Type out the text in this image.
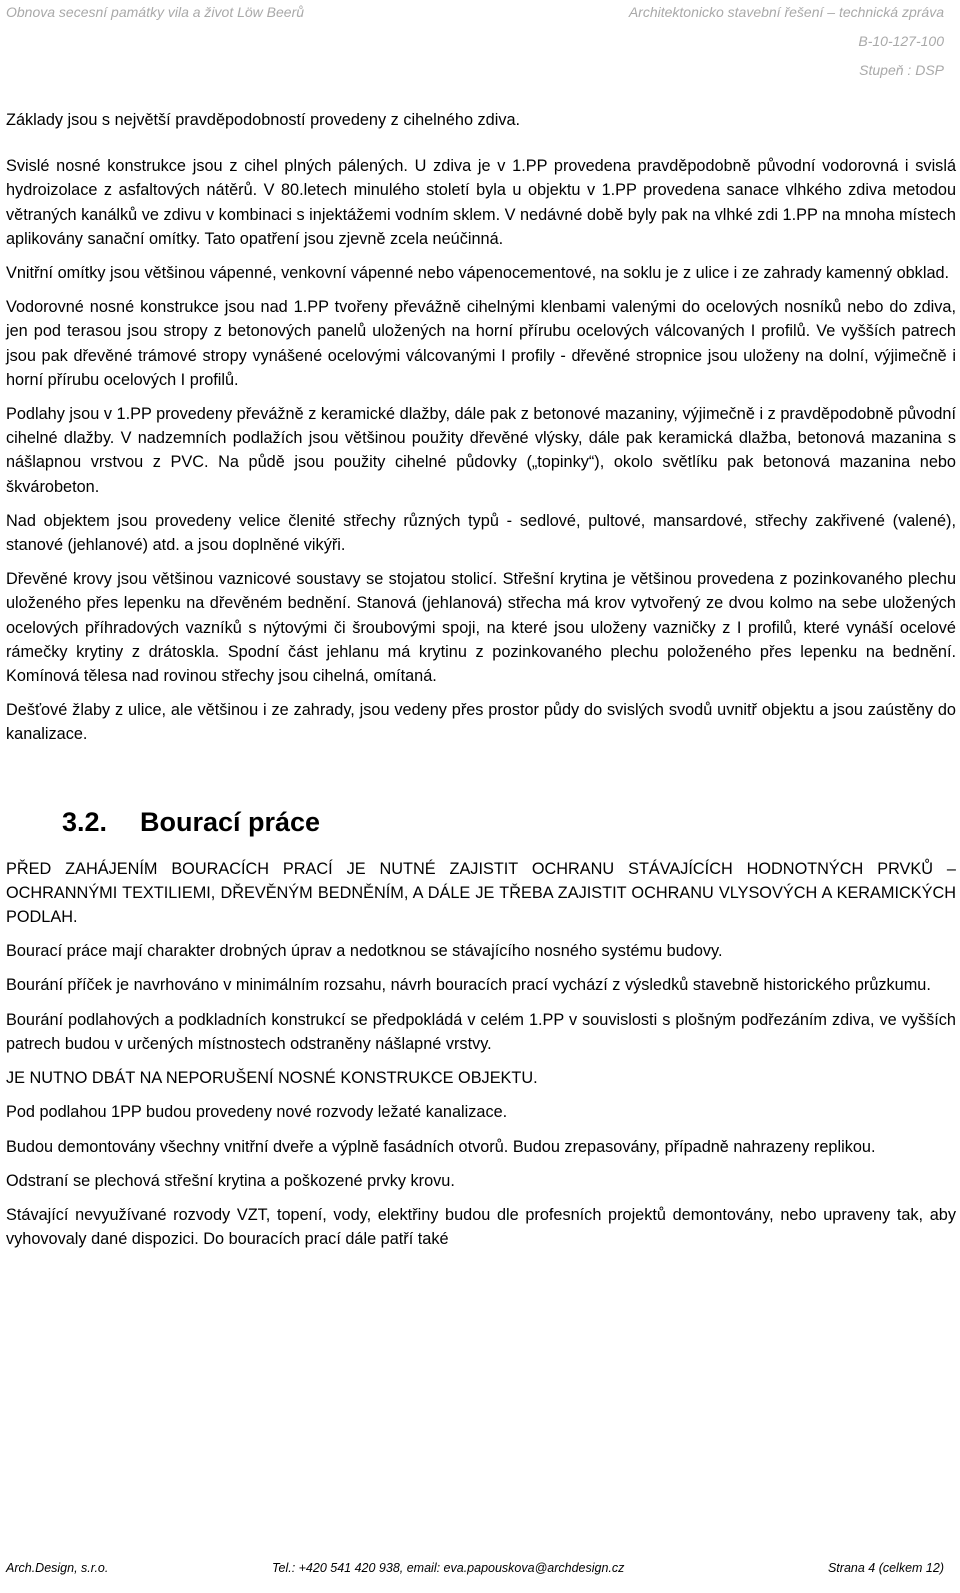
Obnova secesní památky vila a život Löw Beerů	Architektonicko stavební řešení – technická zpráva
B-10-127-100
Stupeň : DSP

Základy jsou s největší pravděpodobností provedeny z cihelného zdiva.

Svislé nosné konstrukce jsou z cihel plných pálených. U zdiva je v 1.PP provedena pravděpodobně původní vodorovná i svislá hydroizolace z asfaltových nátěrů. V 80.letech minulého století byla u objektu v 1.PP provedena sanace vlhkého zdiva metodou větraných kanálků ve zdivu v kombinaci s injektážemi vodním sklem. V nedávné době byly pak na vlhké zdi 1.PP na mnoha místech aplikovány sanační omítky. Tato opatření jsou zjevně zcela neúčinná.

Vnitřní omítky jsou většinou vápenné, venkovní vápenné nebo vápenocementové, na soklu je z ulice i ze zahrady kamenný obklad.

Vodorovné nosné konstrukce jsou nad 1.PP tvořeny převážně cihelnými klenbami valenými do ocelových nosníků nebo do zdiva, jen pod terasou jsou stropy z betonových panelů uložených na horní přírubu ocelových válcovaných I profilů. Ve vyšších patrech jsou pak dřevěné trámové stropy vynášené ocelovými válcovanými I profily - dřevěné stropnice jsou uloženy na dolní, výjimečně i horní přírubu ocelových I profilů.

Podlahy jsou v 1.PP provedeny převážně z keramické dlažby, dále pak z betonové mazaniny, výjimečně i z pravděpodobně původní cihelné dlažby. V nadzemních podlažích jsou většinou použity dřevěné vlýsky, dále pak keramická dlažba, betonová mazanina s nášlapnou vrstvou z PVC. Na půdě jsou použity cihelné půdovky („topinky“), okolo světlíku pak betonová mazanina nebo škvárobeton.

Nad objektem jsou provedeny velice členité střechy různých typů - sedlové, pultové, mansardové, střechy zakřivené (valené), stanové (jehlanové) atd. a jsou doplněné vikýři.

Dřevěné krovy jsou většinou vaznicové soustavy se stojatou stolicí. Střešní krytina je většinou provedena z pozinkovaného plechu uloženého přes lepenku na dřevěném bednění. Stanová (jehlanová) střecha má krov vytvořený ze dvou kolmo na sebe uložených ocelových příhradových vazníků s nýtovými či šroubovými spoji, na které jsou uloženy vazničky z I profilů, které vynáší ocelové rámečky krytiny z drátoskla. Spodní část jehlanu má krytinu z pozinkovaného plechu položeného přes lepenku na bednění. Komínová tělesa nad rovinou střechy jsou cihelná, omítaná.

Dešťové žlaby z ulice, ale většinou i ze zahrady, jsou vedeny přes prostor půdy do svislých svodů uvnitř objektu a jsou zaústěny do kanalizace.

3.2. Bourací práce

PŘED ZAHÁJENÍM BOURACÍCH PRACÍ JE NUTNÉ ZAJISTIT OCHRANU STÁVAJÍCÍCH HODNOTNÝCH PRVKŮ – OCHRANNÝMI TEXTILIEMI, DŘEVĚNÝM BEDNĚNÍM, A DÁLE JE TŘEBA ZAJISTIT OCHRANU VLYSOVÝCH A KERAMICKÝCH PODLAH.

Bourací práce mají charakter drobných úprav a nedotknou se stávajícího nosného systému budovy.

Bourání příček je navrhováno v minimálním rozsahu, návrh bouracích prací vychází z výsledků stavebně historického průzkumu.

Bourání podlahových a podkladních konstrukcí se předpokládá v celém 1.PP v souvislosti s plošným podřezáním zdiva, ve vyšších patrech budou v určených místnostech odstraněny nášlapné vrstvy.

JE NUTNO DBÁT NA NEPORUŠENÍ NOSNÉ KONSTRUKCE OBJEKTU.

Pod podlahou 1PP budou provedeny nové rozvody ležaté kanalizace.

Budou demontovány všechny vnitřní dveře a výplně fasádních otvorů. Budou zrepasovány, případně nahrazeny replikou.

Odstraní se plechová střešní krytina a poškozené prvky krovu.

Stávající nevyužívané rozvody VZT, topení, vody, elektřiny budou dle profesních projektů demontovány, nebo upraveny tak, aby vyhovovaly dané dispozici. Do bouracích prací dále patří také

Arch.Design, s.r.o.	Tel.: +420 541 420 938, email: eva.papouskova@archdesign.cz	Strana 4 (celkem 12)
